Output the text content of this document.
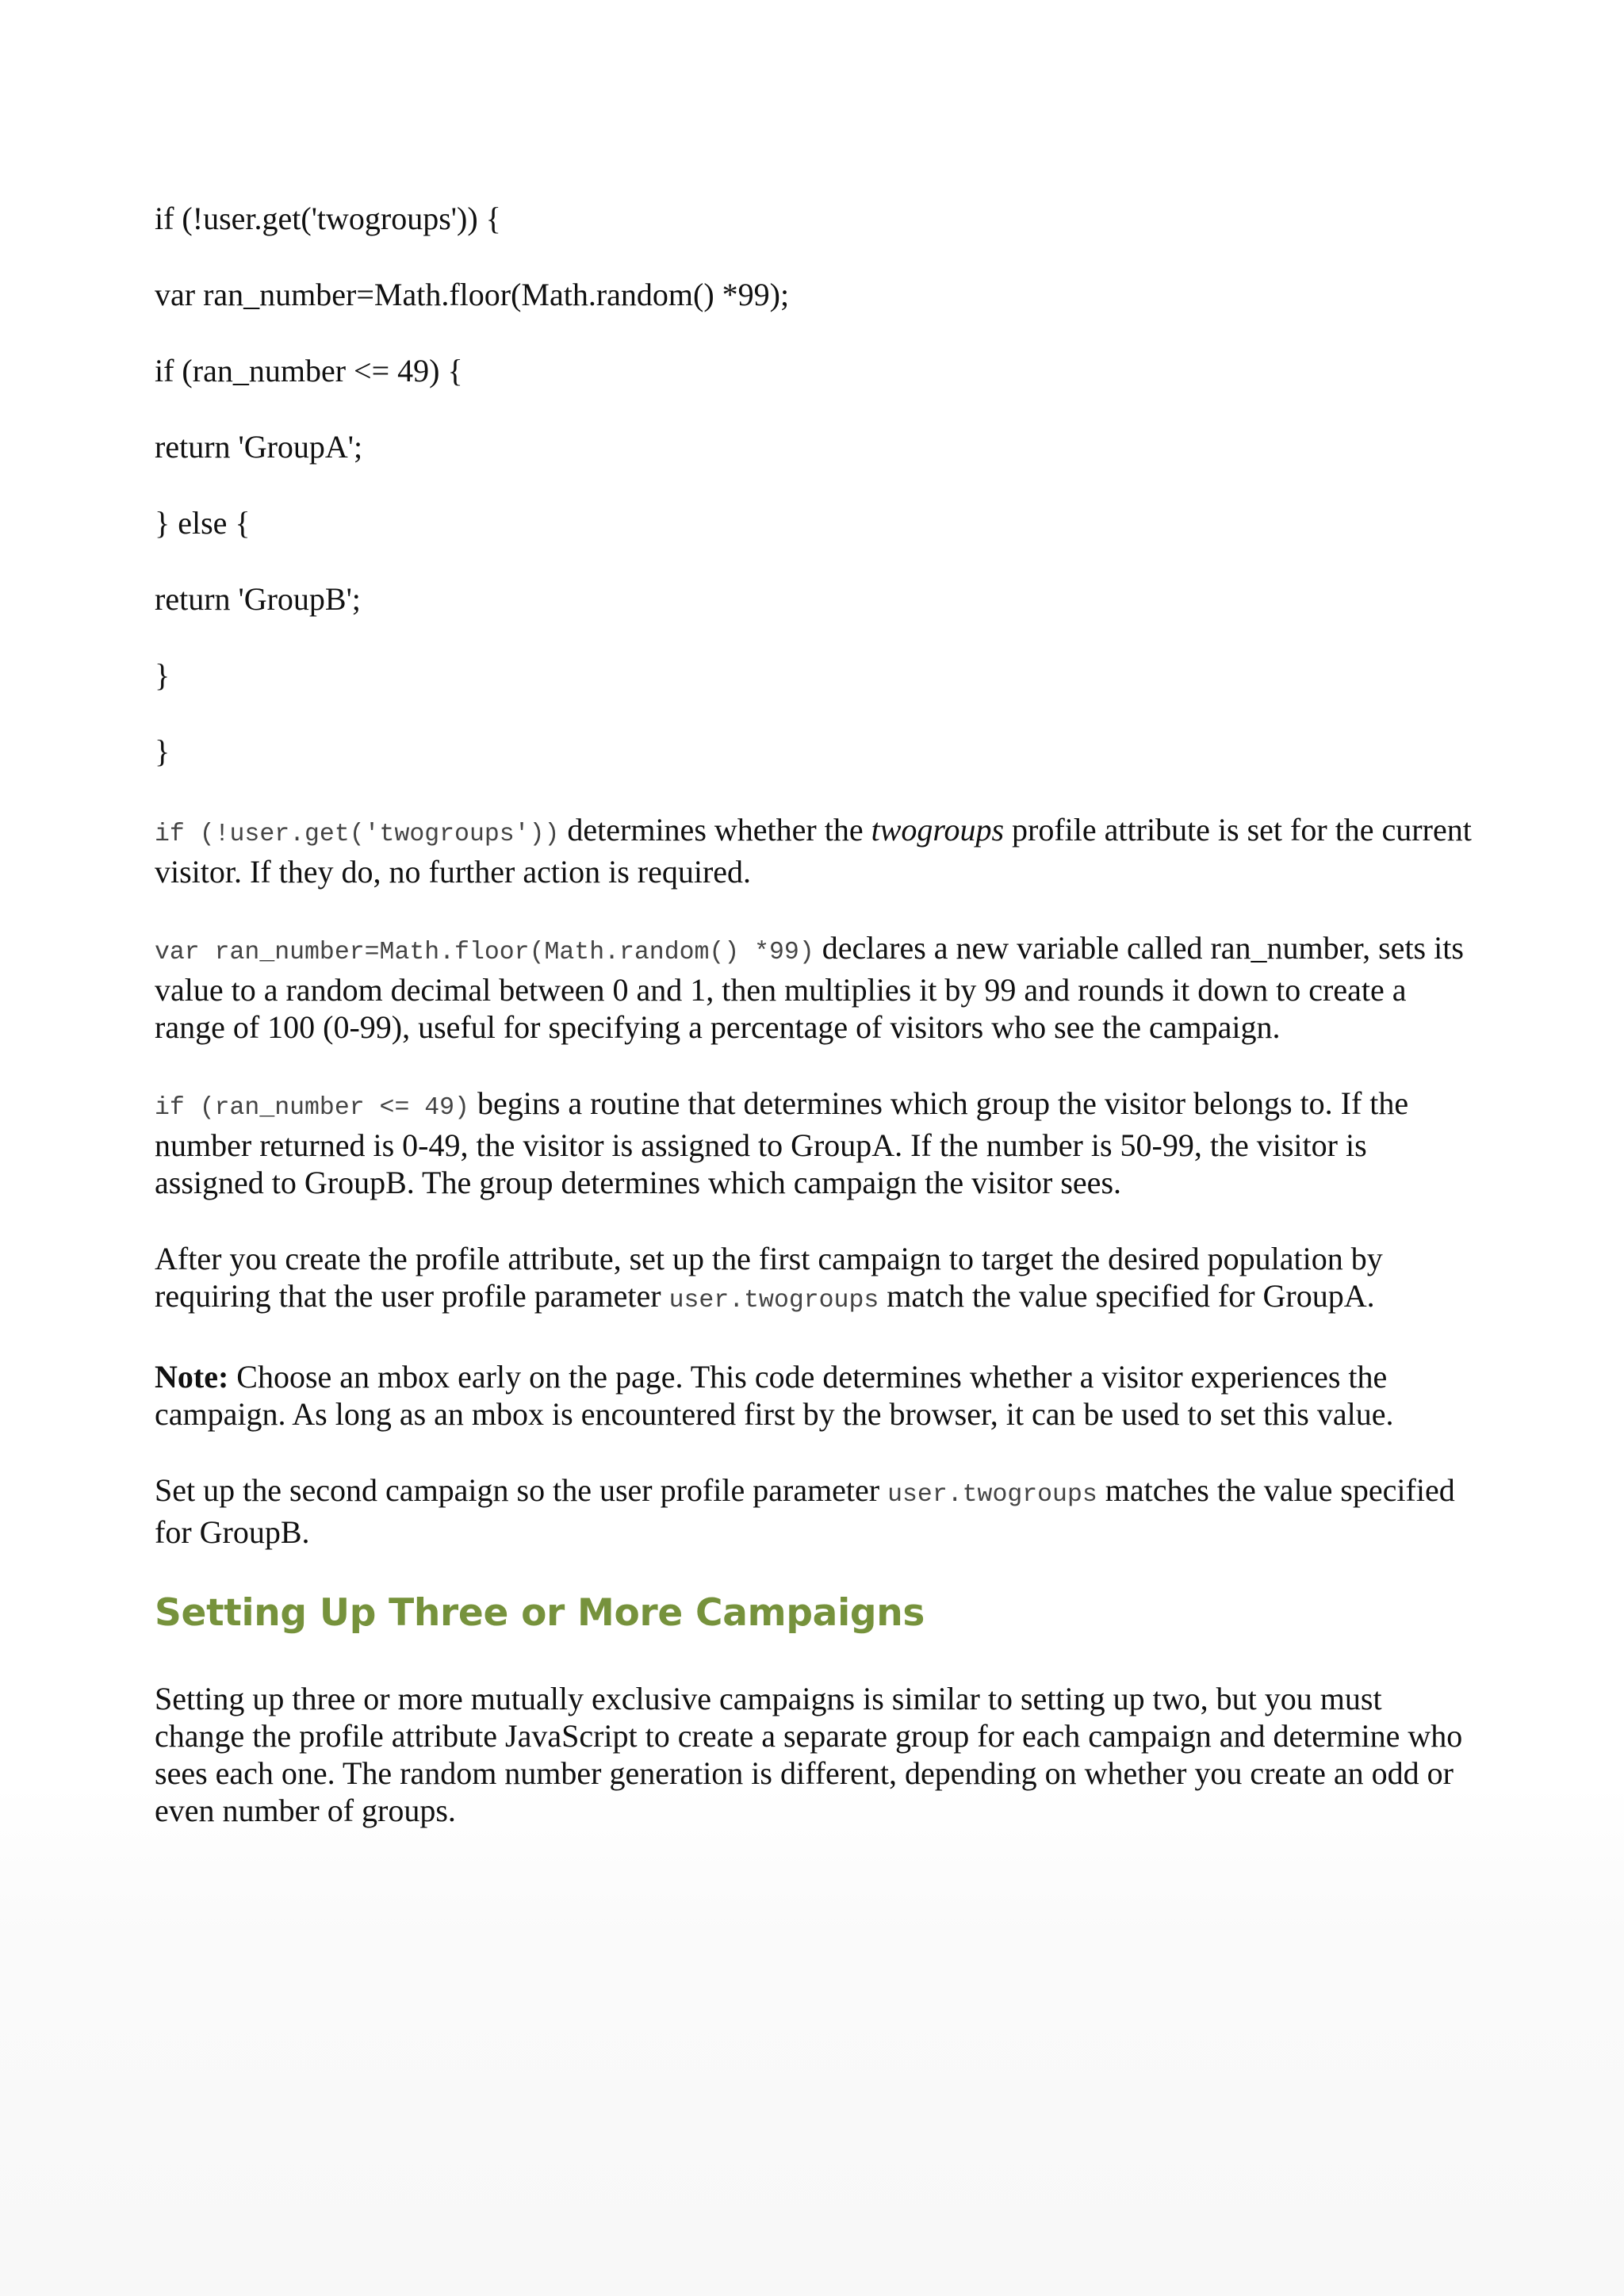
if (!user.get('twogroups')) {
var ran_number=Math.floor(Math.random() *99);
if (ran_number <= 49) {
return 'GroupA';
} else {
return 'GroupB';
}
}

if (!user.get('twogroups')) determines whether the twogroups profile attribute is set for the current visitor. If they do, no further action is required.

var ran_number=Math.floor(Math.random() *99) declares a new variable called ran_number, sets its value to a random decimal between 0 and 1, then multiplies it by 99 and rounds it down to create a range of 100 (0-99), useful for specifying a percentage of visitors who see the campaign.

if (ran_number <= 49) begins a routine that determines which group the visitor belongs to. If the number returned is 0-49, the visitor is assigned to GroupA. If the number is 50-99, the visitor is assigned to GroupB. The group determines which campaign the visitor sees.

After you create the profile attribute, set up the first campaign to target the desired population by requiring that the user profile parameter user.twogroups match the value specified for GroupA.

Note: Choose an mbox early on the page. This code determines whether a visitor experiences the campaign. As long as an mbox is encountered first by the browser, it can be used to set this value.

Set up the second campaign so the user profile parameter user.twogroups matches the value specified for GroupB.

Setting Up Three or More Campaigns

Setting up three or more mutually exclusive campaigns is similar to setting up two, but you must change the profile attribute JavaScript to create a separate group for each campaign and determine who sees each one. The random number generation is different, depending on whether you create an odd or even number of groups.
